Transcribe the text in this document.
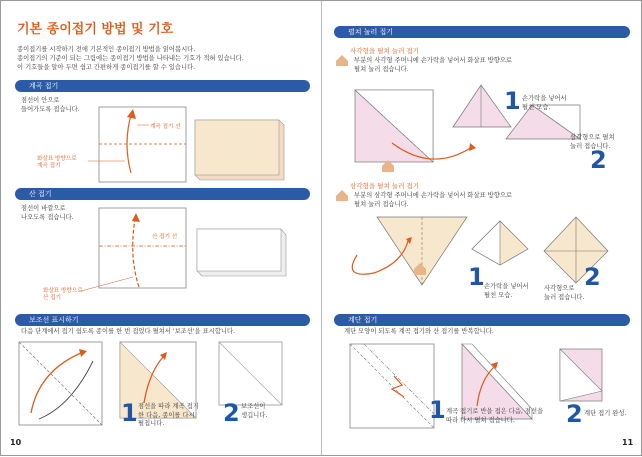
기본 종이접기 방법 및 기호
종이접기를 시작하기 전에 기본적인 종이접기 방법을 읽어봅시다.
종이접기의 기준이 되는 그림에는 종이접기 방법을 나타내는 기호가 적혀 있습니다.
이 기호들을 알아 두면 쉽고 간편하게 종이접기를 할 수 있습니다.
계곡 접기
점선이 안으로
들어가도록 접습니다.
계곡 접기 선
화살표 방향으로
계곡 접기
산 접기
점선이 바깥으로
나오도록 접습니다.
산 접기 선
화살표 방향으로
산 접기
보조선 표시하기
다음 단계에서 접기 쉽도록 종이를 한 번 접었다 펼쳐서 '보조선'을 표시합니다.
1 점선을 따라 계곡 접기
한 다음, 종이를 다시
펼칩니다.	2 보조선이
생깁니다.
10
펼쳐 눌러 접기
사각형을 펼쳐 눌러 접기
1 손가락을 넣어서
펼친 모습.
2
삼각형으로 펼쳐
눌러 접습니다.
부분의 사각형 주머니에 손가락을 넣어서 화살표 방향으로
펼쳐 눌러 접습니다.
삼각형을 펼쳐 눌러 접기
부분의 삼각형 주머니에 손가락을 넣어서 화살표 방향으로
펼쳐 눌러 접습니다.
1 손가락을 넣어서
펼친 모습.
2
사각형으로
눌러 접습니다.
계단 접기
계단 모양이 되도록 계곡 접기와 산 접기를 반복합니다.
1 계곡 접기로 반을 접은 다음, 점선을
따라 다시 펼쳐 접습니다.	2 계단 접기 완성.
11
